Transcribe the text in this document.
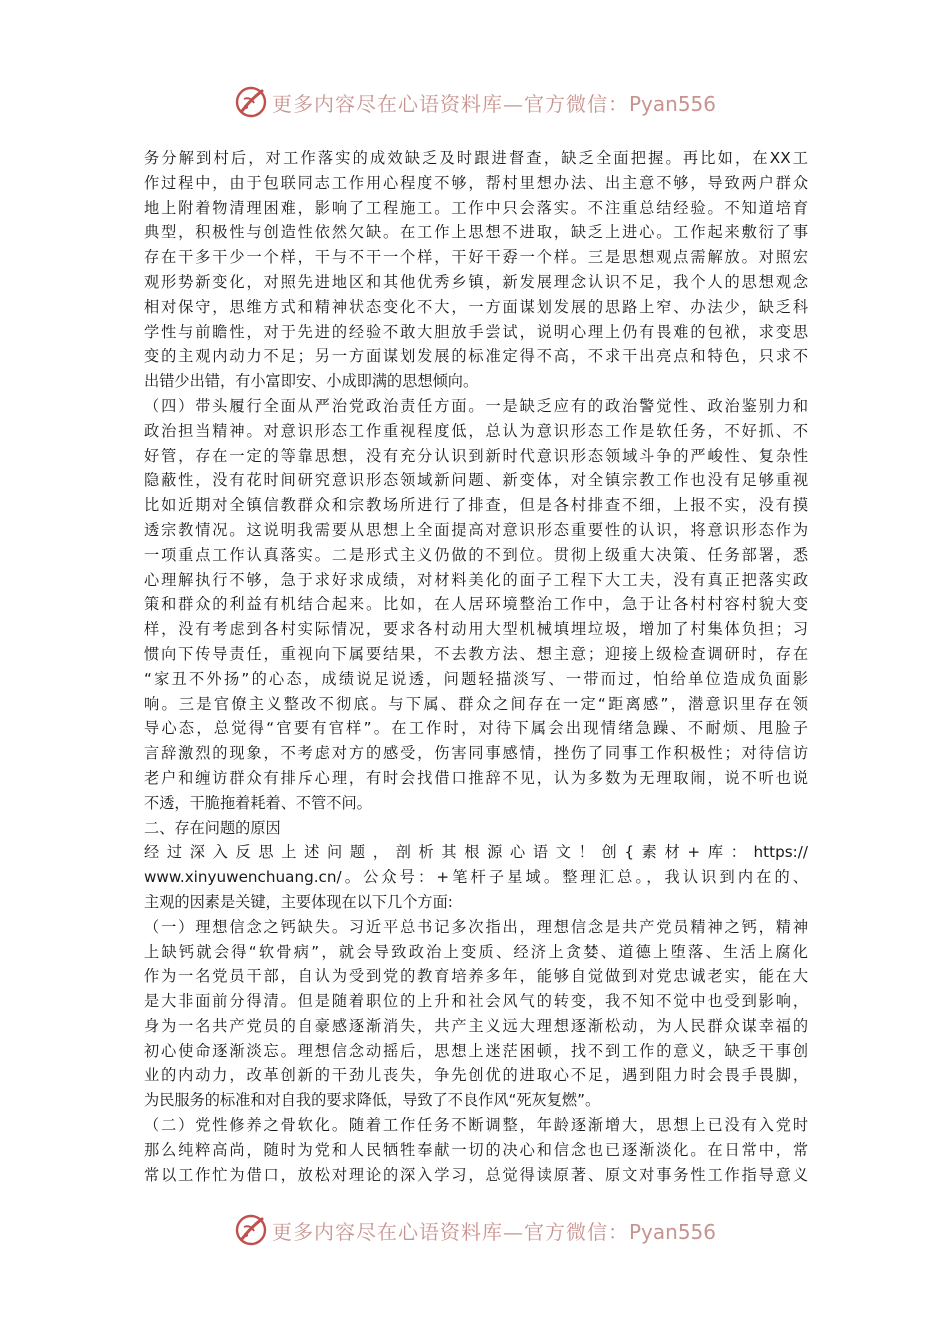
更多内容尽在心语资料库—官方微信：Pyan556
务分解到村后，对工作落实的成效缺乏及时跟进督查，缺乏全面把握。再比如，在XX工
作过程中，由于包联同志工作用心程度不够，帮村里想办法、出主意不够，导致两户群众
地上附着物清理困难，影响了工程施工。工作中只会落实。不注重总结经验。不知道培育
典型，积极性与创造性依然欠缺。在工作上思想不进取，缺乏上进心。工作起来敷衍了事
存在干多干少一个样，干与不干一个样，干好干孬一个样。三是思想观点需解放。对照宏
观形势新变化，对照先进地区和其他优秀乡镇，新发展理念认识不足，我个人的思想观念
相对保守，思维方式和精神状态变化不大，一方面谋划发展的思路上窄、办法少，缺乏科
学性与前瞻性，对于先进的经验不敢大胆放手尝试，说明心理上仍有畏难的包袱，求变思
变的主观内动力不足；另一方面谋划发展的标准定得不高，不求干出亮点和特色，只求不
出错少出错，有小富即安、小成即满的思想倾向。
（四）带头履行全面从严治党政治责任方面。一是缺乏应有的政治警觉性、政治鉴别力和
政治担当精神。对意识形态工作重视程度低，总认为意识形态工作是软任务，不好抓、不
好管，存在一定的等靠思想，没有充分认识到新时代意识形态领域斗争的严峻性、复杂性
隐蔽性，没有花时间研究意识形态领域新问题、新变体，对全镇宗教工作也没有足够重视
比如近期对全镇信教群众和宗教场所进行了排查，但是各村排查不细，上报不实，没有摸
透宗教情况。这说明我需要从思想上全面提高对意识形态重要性的认识，将意识形态作为
一项重点工作认真落实。二是形式主义仍做的不到位。贯彻上级重大决策、任务部署，悉
心理解执行不够，急于求好求成绩，对材料美化的面子工程下大工夫，没有真正把落实政
策和群众的利益有机结合起来。比如，在人居环境整治工作中，急于让各村村容村貌大变
样，没有考虑到各村实际情况，要求各村动用大型机械填埋垃圾，增加了村集体负担；习
惯向下传导责任，重视向下属要结果，不去教方法、想主意；迎接上级检查调研时，存在
“家丑不外扬”的心态，成绩说足说透，问题轻描淡写、一带而过，怕给单位造成负面影
响。三是官僚主义整改不彻底。与下属、群众之间存在一定“距离感”，潜意识里存在领
导心态，总觉得“官要有官样”。在工作时，对待下属会出现情绪急躁、不耐烦、甩脸子
言辞激烈的现象，不考虑对方的感受，伤害同事感情，挫伤了同事工作积极性；对待信访
老户和缠访群众有排斥心理，有时会找借口推辞不见，认为多数为无理取闹，说不听也说
不透，干脆拖着耗着、不管不问。
二、存在问题的原因
经过深入反思上述问题，剖析其根源心语文！创{素材+库：https://
www.xinyuwenchuang.cn/。公众号：+笔杆子星域。整理汇总。，我认识到内在的、
主观的因素是关键，主要体现在以下几个方面:
（一）理想信念之钙缺失。习近平总书记多次指出，理想信念是共产党员精神之钙，精神
上缺钙就会得“软骨病”，就会导致政治上变质、经济上贪婪、道德上堕落、生活上腐化
作为一名党员干部，自认为受到党的教育培养多年，能够自觉做到对党忠诚老实，能在大
是大非面前分得清。但是随着职位的上升和社会风气的转变，我不知不觉中也受到影响，
身为一名共产党员的自豪感逐渐消失，共产主义远大理想逐渐松动，为人民群众谋幸福的
初心使命逐渐淡忘。理想信念动摇后，思想上迷茫困顿，找不到工作的意义，缺乏干事创
业的内动力，改革创新的干劲儿丧失，争先创优的进取心不足，遇到阻力时会畏手畏脚，
为民服务的标准和对自我的要求降低，导致了不良作风“死灰复燃”。
（二）党性修养之骨软化。随着工作任务不断调整，年龄逐渐增大，思想上已没有入党时
那么纯粹高尚，随时为党和人民牺牲奉献一切的决心和信念也已逐渐淡化。在日常中，常
常以工作忙为借口，放松对理论的深入学习，总觉得读原著、原文对事务性工作指导意义
更多内容尽在心语资料库—官方微信：Pyan556
